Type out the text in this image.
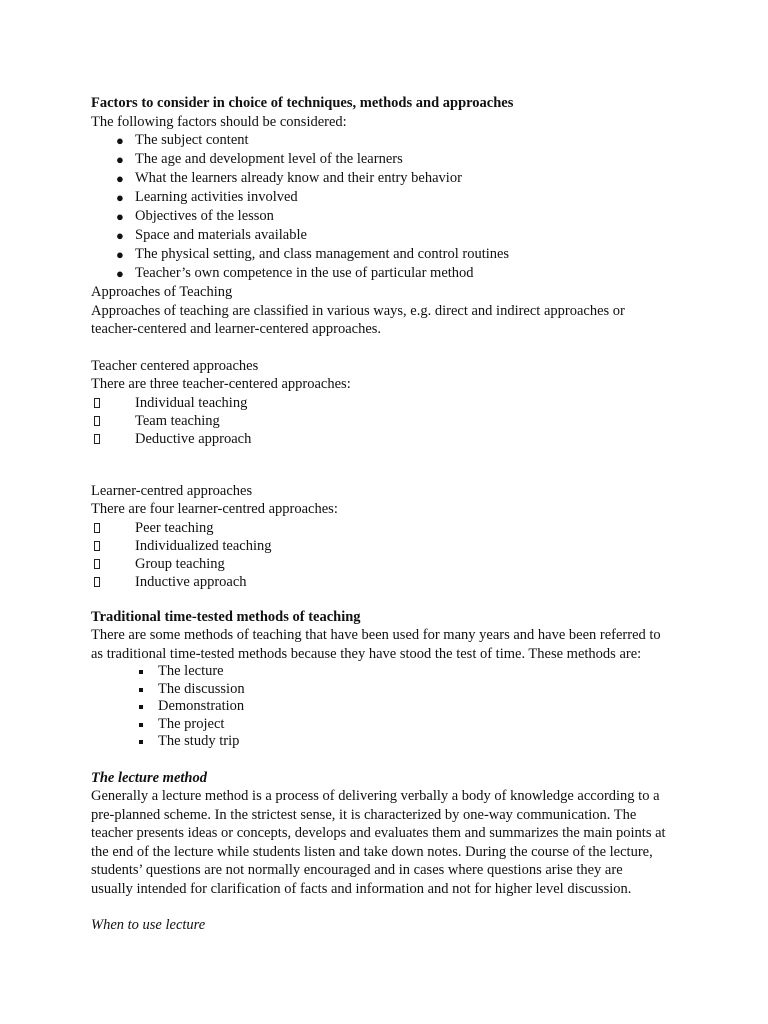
Factors to consider in choice of techniques, methods and approaches
The following factors should be considered:
● The subject content
● The age and development level of the learners
● What the learners already know and their entry behavior
● Learning activities involved
● Objectives of the lesson
● Space and materials available
● The physical setting, and class management and control routines
● Teacher’s own competence in the use of particular method
Approaches of Teaching
Approaches of teaching are classified in various ways, e.g. direct and indirect approaches or
teacher-centered and learner-centered approaches.
Teacher centered approaches
There are three teacher-centered approaches:
Individual teaching
Team teaching
Deductive approach
Learner-centred approaches
There are four learner-centred approaches:
Peer teaching
Individualized teaching
Group teaching
Inductive approach
Traditional time-tested methods of teaching
There are some methods of teaching that have been used for many years and have been referred to
as traditional time-tested methods because they have stood the test of time. These methods are:
The lecture
The discussion
Demonstration
The project
The study trip
The lecture method
Generally a lecture method is a process of delivering verbally a body of knowledge according to a
pre-planned scheme. In the strictest sense, it is characterized by one-way communication. The
teacher presents ideas or concepts, develops and evaluates them and summarizes the main points at
the end of the lecture while students listen and take down notes. During the course of the lecture,
students’ questions are not normally encouraged and in cases where questions arise they are
usually intended for clarification of facts and information and not for higher level discussion.
When to use lecture
